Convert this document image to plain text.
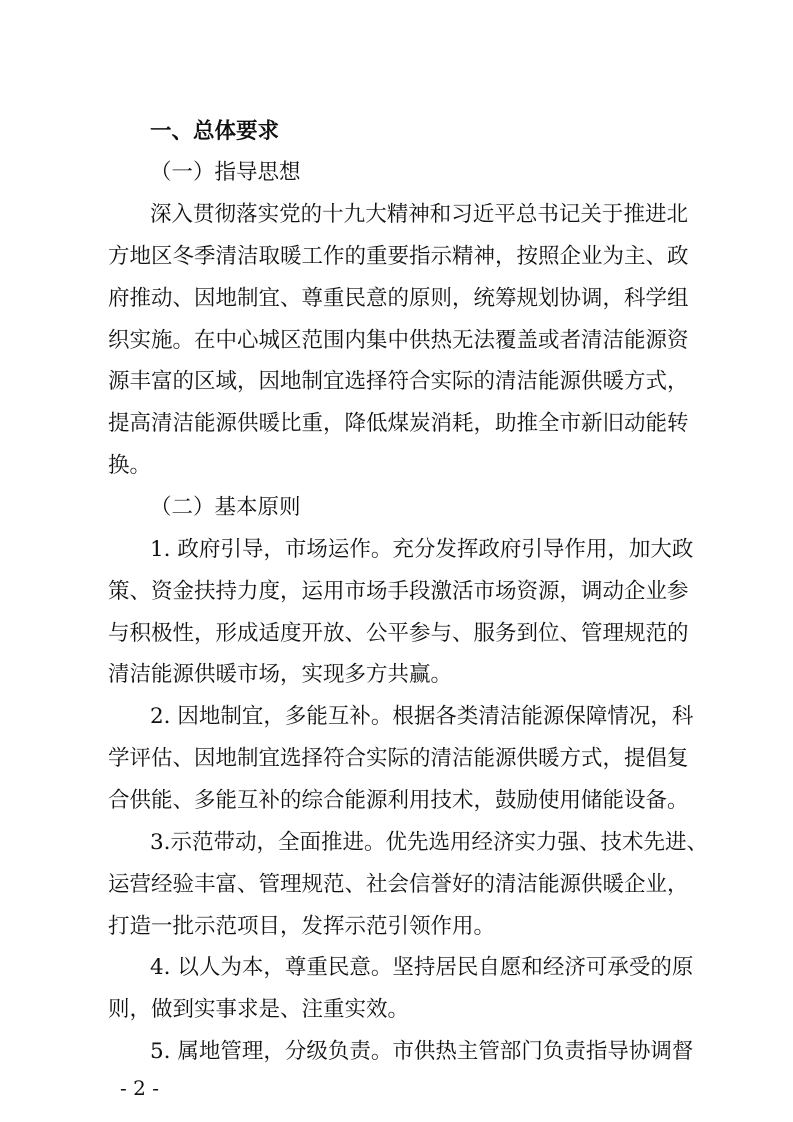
一、总体要求
（一）指导思想
深入贯彻落实党的十九大精神和习近平总书记关于推进北
方地区冬季清洁取暖工作的重要指示精神，按照企业为主、政
府推动、因地制宜、尊重民意的原则，统筹规划协调，科学组
织实施。在中心城区范围内集中供热无法覆盖或者清洁能源资
源丰富的区域，因地制宜选择符合实际的清洁能源供暖方式，
提高清洁能源供暖比重，降低煤炭消耗，助推全市新旧动能转
换。
（二）基本原则
1. 政府引导，市场运作。充分发挥政府引导作用，加大政
策、资金扶持力度，运用市场手段激活市场资源，调动企业参
与积极性，形成适度开放、公平参与、服务到位、管理规范的
清洁能源供暖市场，实现多方共赢。
2. 因地制宜，多能互补。根据各类清洁能源保障情况，科
学评估、因地制宜选择符合实际的清洁能源供暖方式，提倡复
合供能、多能互补的综合能源利用技术，鼓励使用储能设备。
3.示范带动，全面推进。优先选用经济实力强、技术先进、
运营经验丰富、管理规范、社会信誉好的清洁能源供暖企业，
打造一批示范项目，发挥示范引领作用。
4. 以人为本，尊重民意。坚持居民自愿和经济可承受的原
则，做到实事求是、注重实效。
5. 属地管理，分级负责。市供热主管部门负责指导协调督
- 2 -
